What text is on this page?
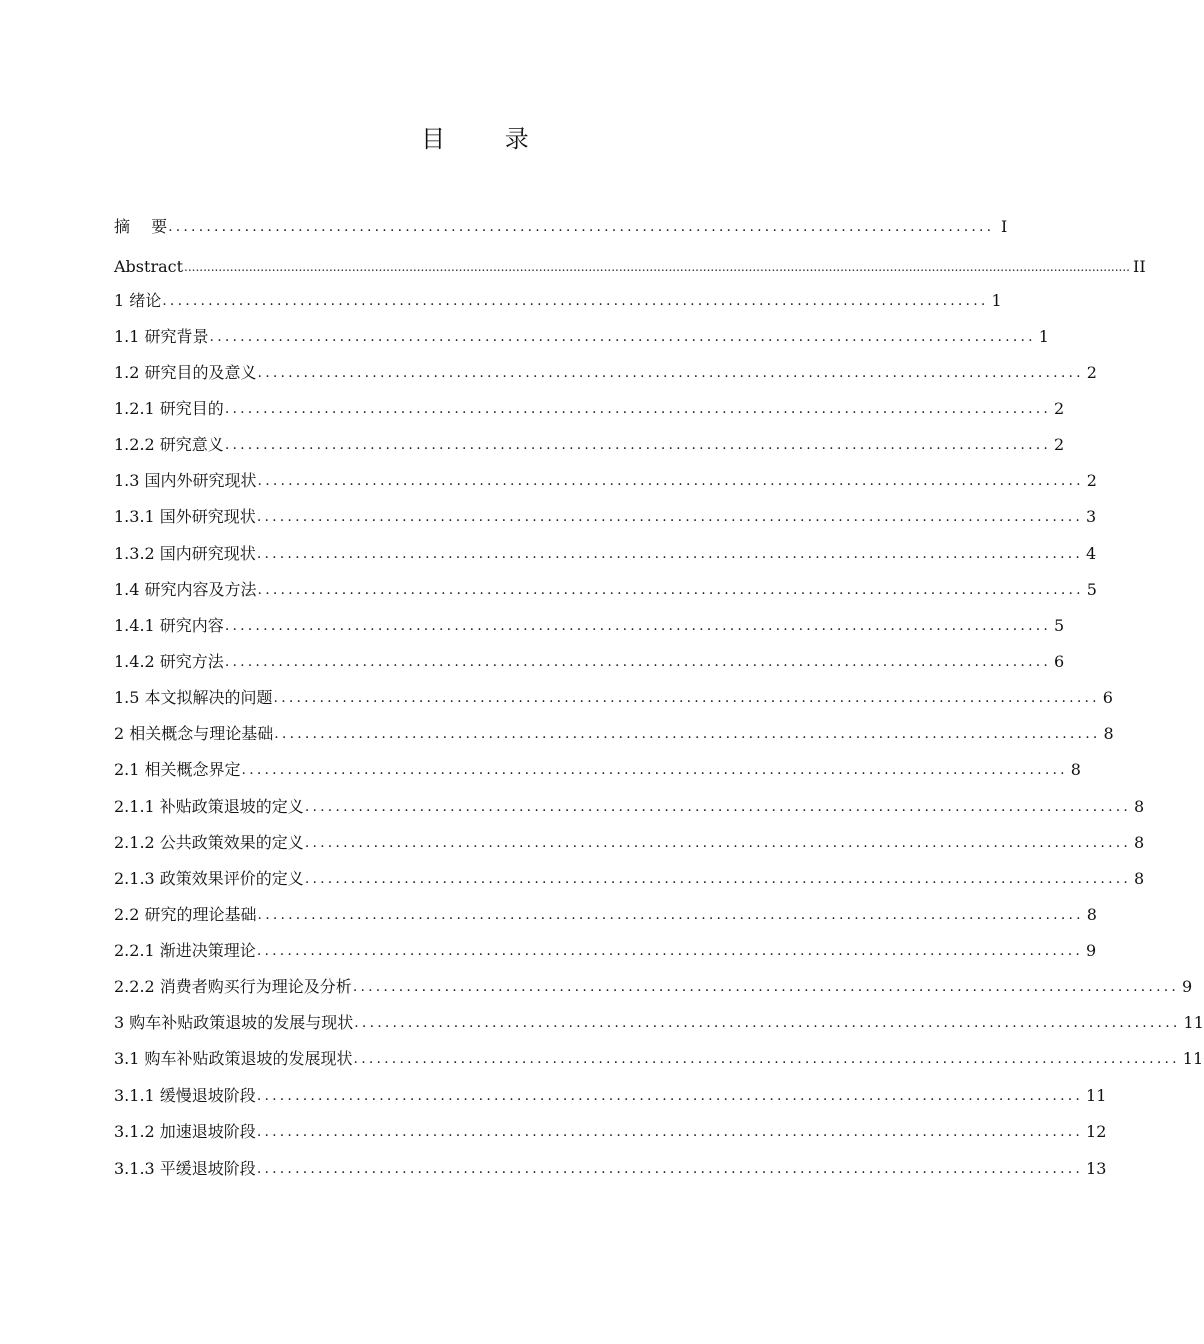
目 录
摘　 要 ............................................................................................................ I
Abstract ........................................................................................................................................................................................................................................................ II
1 绪论 ............................................................................................................ 1
1.1 研究背景 ............................................................................................................ 1
1.2 研究目的及意义 ............................................................................................................ 2
1.2.1 研究目的 ............................................................................................................ 2
1.2.2 研究意义 ............................................................................................................ 2
1.3 国内外研究现状 ............................................................................................................ 2
1.3.1 国外研究现状 ............................................................................................................ 3
1.3.2 国内研究现状 ............................................................................................................ 4
1.4 研究内容及方法 ............................................................................................................ 5
1.4.1 研究内容 ............................................................................................................ 5
1.4.2 研究方法 ............................................................................................................ 6
1.5 本文拟解决的问题 ............................................................................................................ 6
2 相关概念与理论基础 ............................................................................................................ 8
2.1 相关概念界定 ............................................................................................................ 8
2.1.1 补贴政策退坡的定义 ............................................................................................................ 8
2.1.2 公共政策效果的定义 ............................................................................................................ 8
2.1.3 政策效果评价的定义 ............................................................................................................ 8
2.2 研究的理论基础 ............................................................................................................ 8
2.2.1 渐进决策理论 ............................................................................................................ 9
2.2.2 消费者购买行为理论及分析 ............................................................................................................ 9
3 购车补贴政策退坡的发展与现状 ............................................................................................................ 11
3.1 购车补贴政策退坡的发展现状 ............................................................................................................ 11
3.1.1 缓慢退坡阶段 ............................................................................................................ 11
3.1.2 加速退坡阶段 ............................................................................................................ 12
3.1.3 平缓退坡阶段 ............................................................................................................ 13
